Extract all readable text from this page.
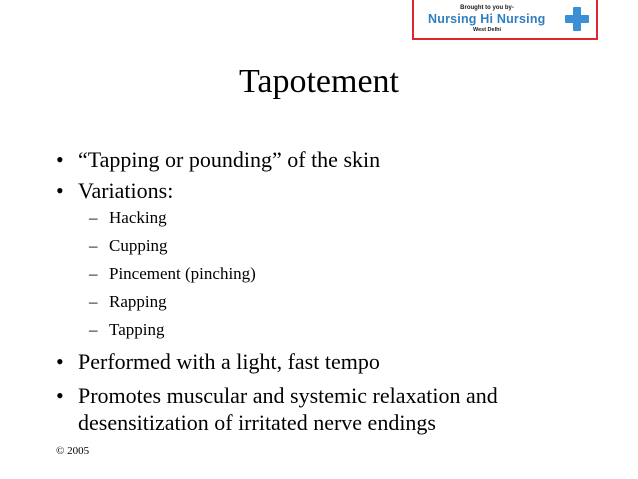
Brought to you by-
Nursing Hi Nursing
West Delhi
Tapotement
• “Tapping or pounding” of the skin
• Variations:
– Hacking
– Cupping
– Pincement (pinching)
– Rapping
– Tapping
• Performed with a light, fast tempo
• Promotes muscular and systemic relaxation and desensitization of irritated nerve endings
© 2005
